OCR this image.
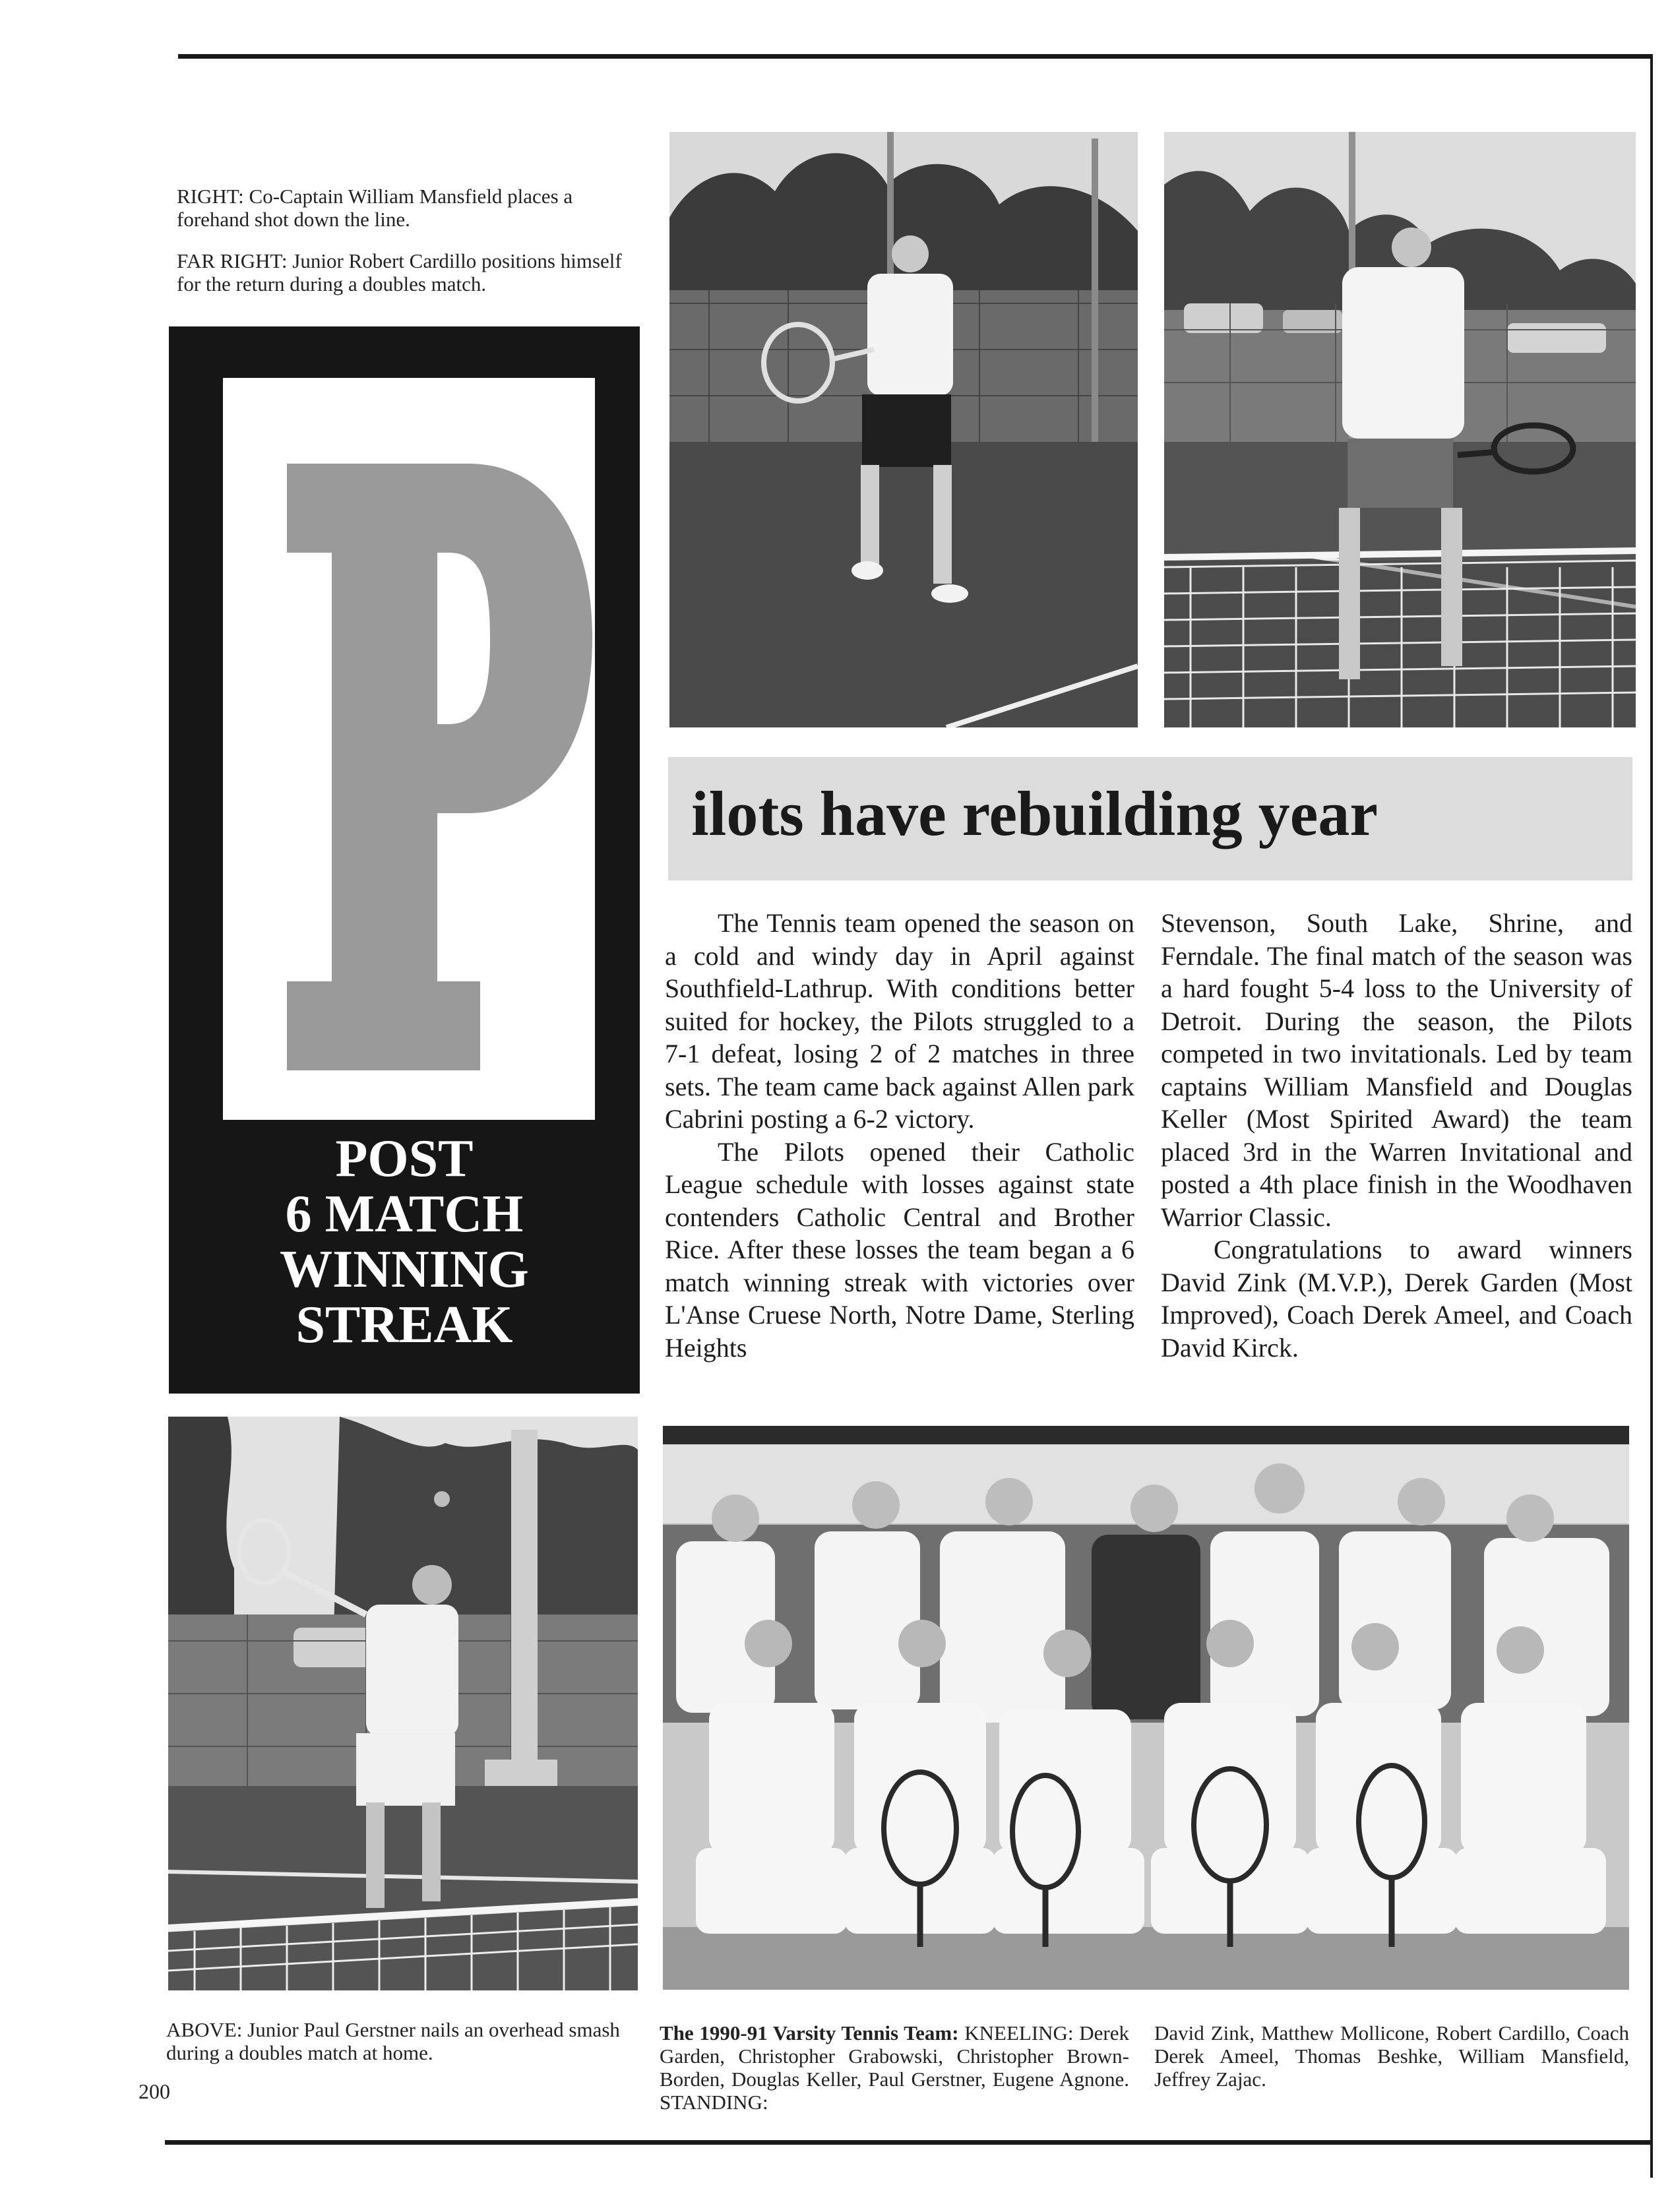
RIGHT: Co-Captain William Mansfield places a forehand shot down the line.

FAR RIGHT: Junior Robert Cardillo positions himself for the return during a doubles match.

POST
6 MATCH
WINNING
STREAK
ilots have rebuilding year

The Tennis team opened the season on a cold and windy day in April against Southfield-Lathrup. With conditions better suited for hockey, the Pilots struggled to a 7-1 defeat, losing 2 of 2 matches in three sets. The team came back against Allen park Cabrini posting a 6-2 victory.

The Pilots opened their Catholic League schedule with losses against state contenders Catholic Central and Brother Rice. After these losses the team began a 6 match winning streak with victories over L'Anse Cruese North, Notre Dame, Sterling Heights

Stevenson, South Lake, Shrine, and Ferndale. The final match of the season was a hard fought 5-4 loss to the University of Detroit. During the season, the Pilots competed in two invitationals. Led by team captains William Mansfield and Douglas Keller (Most Spirited Award) the team placed 3rd in the Warren Invitational and posted a 4th place finish in the Woodhaven Warrior Classic.

Congratulations to award winners David Zink (M.V.P.), Derek Garden (Most Improved), Coach Derek Ameel, and Coach David Kirck.

ABOVE: Junior Paul Gerstner nails an overhead smash during a doubles match at home.
200
The 1990-91 Varsity Tennis Team: KNEELING: Derek Garden, Christopher Grabowski, Christopher Brown-Borden, Douglas Keller, Paul Gerstner, Eugene Agnone. STANDING:
David Zink, Matthew Mollicone, Robert Cardillo, Coach Derek Ameel, Thomas Beshke, William Mansfield, Jeffrey Zajac.
